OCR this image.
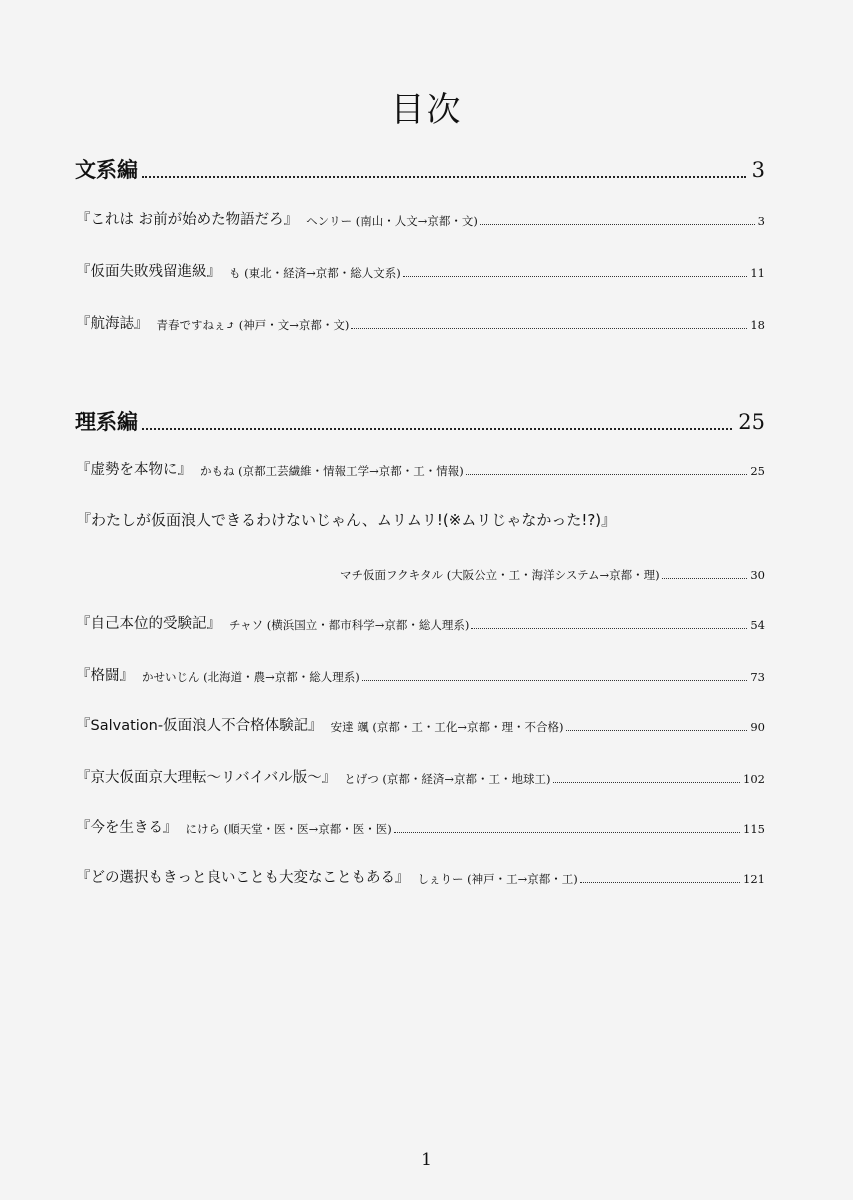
目次
文系編	3
『これは お前が始めた物語だろ』 ヘンリー (南山・人文→京都・文)	3
『仮面失敗残留進級』 も (東北・経済→京都・総人文系)	11
『航海誌』 青春ですねぇ⤴ (神戸・文→京都・文)	18
理系編	25
『虚勢を本物に』 かもね (京都工芸繊維・情報工学→京都・工・情報)	25
『わたしが仮面浪人できるわけないじゃん、ムリムリ!(※ムリじゃなかった!?)』
マチ仮面フクキタル (大阪公立・工・海洋システム→京都・理)	30
『自己本位的受験記』 チャソ (横浜国立・都市科学→京都・総人理系)	54
『格闘』 かせいじん (北海道・農→京都・総人理系)	73
『Salvation-仮面浪人不合格体験記』 安達 颯 (京都・工・工化→京都・理・不合格)	90
『京大仮面京大理転〜リバイバル版〜』 とげつ (京都・経済→京都・工・地球工)	102
『今を生きる』 にけら (順天堂・医・医→京都・医・医)	115
『どの選択もきっと良いことも大変なこともある』 しぇりー (神戸・工→京都・工)	121
1
